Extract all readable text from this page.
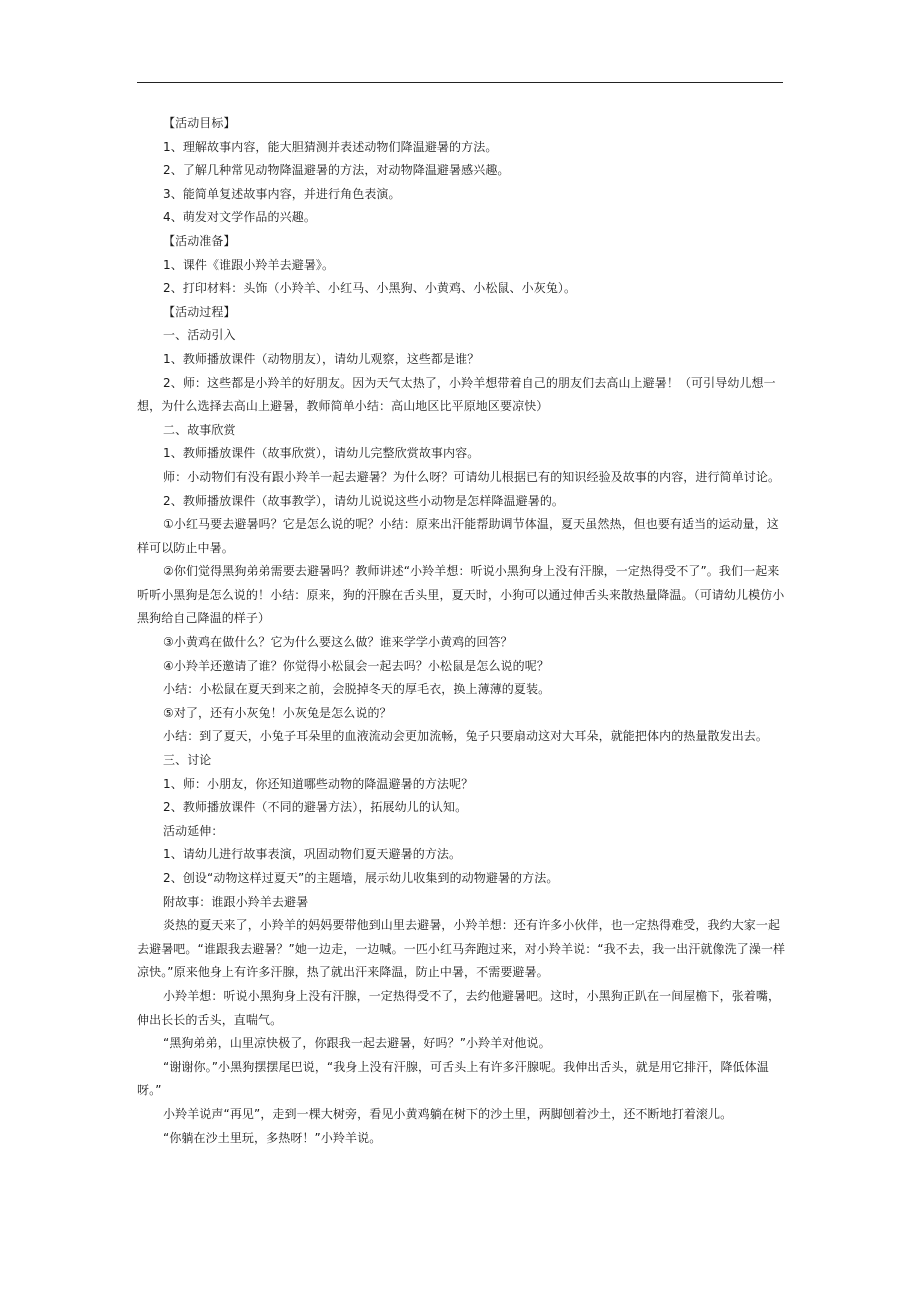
【活动目标】

1、理解故事内容，能大胆猜测并表述动物们降温避暑的方法。

2、了解几种常见动物降温避暑的方法，对动物降温避暑感兴趣。

3、能简单复述故事内容，并进行角色表演。

4、萌发对文学作品的兴趣。

【活动准备】

1、课件《谁跟小羚羊去避暑》。

2、打印材料：头饰（小羚羊、小红马、小黑狗、小黄鸡、小松鼠、小灰兔）。

【活动过程】

一、活动引入

1、教师播放课件（动物朋友），请幼儿观察，这些都是谁？

2、师：这些都是小羚羊的好朋友。因为天气太热了，小羚羊想带着自己的朋友们去高山上避暑！（可引导幼儿想一想，为什么选择去高山上避暑，教师简单小结：高山地区比平原地区要凉快）

二、故事欣赏

1、教师播放课件（故事欣赏），请幼儿完整欣赏故事内容。

师：小动物们有没有跟小羚羊一起去避暑？为什么呀？可请幼儿根据已有的知识经验及故事的内容，进行简单讨论。

2、教师播放课件（故事教学），请幼儿说说这些小动物是怎样降温避暑的。

①小红马要去避暑吗？它是怎么说的呢？小结：原来出汗能帮助调节体温，夏天虽然热，但也要有适当的运动量，这样可以防止中暑。

②你们觉得黑狗弟弟需要去避暑吗？教师讲述“小羚羊想：听说小黑狗身上没有汗腺，一定热得受不了”。我们一起来听听小黑狗是怎么说的！小结：原来，狗的汗腺在舌头里，夏天时，小狗可以通过伸舌头来散热量降温。（可请幼儿模仿小黑狗给自己降温的样子）

③小黄鸡在做什么？它为什么要这么做？谁来学学小黄鸡的回答？

④小羚羊还邀请了谁？你觉得小松鼠会一起去吗？小松鼠是怎么说的呢？

小结：小松鼠在夏天到来之前，会脱掉冬天的厚毛衣，换上薄薄的夏装。

⑤对了，还有小灰兔！小灰兔是怎么说的？

小结：到了夏天，小兔子耳朵里的血液流动会更加流畅，兔子只要扇动这对大耳朵，就能把体内的热量散发出去。

三、讨论

1、师：小朋友，你还知道哪些动物的降温避暑的方法呢？

2、教师播放课件（不同的避暑方法），拓展幼儿的认知。

活动延伸：

1、请幼儿进行故事表演，巩固动物们夏天避暑的方法。

2、创设“动物这样过夏天”的主题墙，展示幼儿收集到的动物避暑的方法。

附故事：谁跟小羚羊去避暑

炎热的夏天来了，小羚羊的妈妈要带他到山里去避暑，小羚羊想：还有许多小伙伴，也一定热得难受，我约大家一起去避暑吧。“谁跟我去避暑？”她一边走，一边喊。一匹小红马奔跑过来，对小羚羊说：“我不去，我一出汗就像洗了澡一样凉快。”原来他身上有许多汗腺，热了就出汗来降温，防止中暑，不需要避暑。

小羚羊想：听说小黑狗身上没有汗腺，一定热得受不了，去约他避暑吧。这时，小黑狗正趴在一间屋檐下，张着嘴，伸出长长的舌头，直喘气。

“黑狗弟弟，山里凉快极了，你跟我一起去避暑，好吗？”小羚羊对他说。

“谢谢你。”小黑狗摆摆尾巴说，“我身上没有汗腺，可舌头上有许多汗腺呢。我伸出舌头，就是用它排汗，降低体温呀。”

小羚羊说声“再见”，走到一棵大树旁，看见小黄鸡躺在树下的沙土里，两脚刨着沙土，还不断地打着滚儿。

“你躺在沙土里玩，多热呀！”小羚羊说。
